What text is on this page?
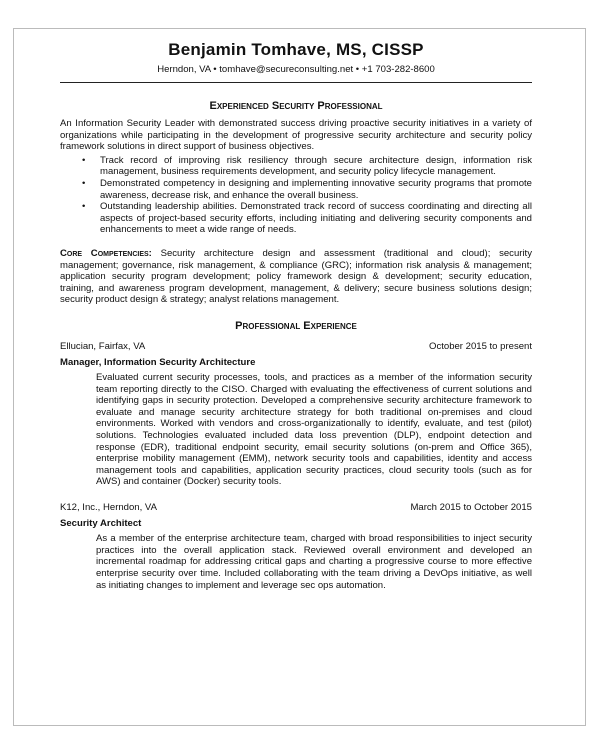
Benjamin Tomhave, MS, CISSP
Herndon, VA • tomhave@secureconsulting.net • +1 703-282-8600
Experienced Security Professional
An Information Security Leader with demonstrated success driving proactive security initiatives in a variety of organizations while participating in the development of progressive security architecture and security policy framework solutions in direct support of business objectives.
• Track record of improving risk resiliency through secure architecture design, information risk management, business requirements development, and security policy lifecycle management.
• Demonstrated competency in designing and implementing innovative security programs that promote awareness, decrease risk, and enhance the overall business.
• Outstanding leadership abilities. Demonstrated track record of success coordinating and directing all aspects of project-based security efforts, including initiating and delivering security components and enhancements to meet a wide range of needs.
Core Competencies: Security architecture design and assessment (traditional and cloud); security management; governance, risk management, & compliance (GRC); information risk analysis & management; application security program development; policy framework design & development; security education, training, and awareness program development, management, & delivery; secure business solutions design; security product design & strategy; analyst relations management.
Professional Experience
Ellucian, Fairfax, VA	October 2015 to present
Manager, Information Security Architecture
Evaluated current security processes, tools, and practices as a member of the information security team reporting directly to the CISO. Charged with evaluating the effectiveness of current solutions and identifying gaps in security protection. Developed a comprehensive security architecture framework to evaluate and manage security architecture strategy for both traditional on-premises and cloud environments. Worked with vendors and cross-organizationally to identify, evaluate, and test (pilot) solutions. Technologies evaluated included data loss prevention (DLP), endpoint detection and response (EDR), traditional endpoint security, email security solutions (on-prem and Office 365), enterprise mobility management (EMM), network security tools and capabilities, identity and access management tools and capabilities, application security practices, cloud security tools (such as for AWS) and container (Docker) security tools.
K12, Inc., Herndon, VA	March 2015 to October 2015
Security Architect
As a member of the enterprise architecture team, charged with broad responsibilities to inject security practices into the overall application stack. Reviewed overall environment and developed an incremental roadmap for addressing critical gaps and charting a progressive course to more effective enterprise security over time. Included collaborating with the team driving a DevOps initiative, as well as initiating changes to implement and leverage sec ops automation.
